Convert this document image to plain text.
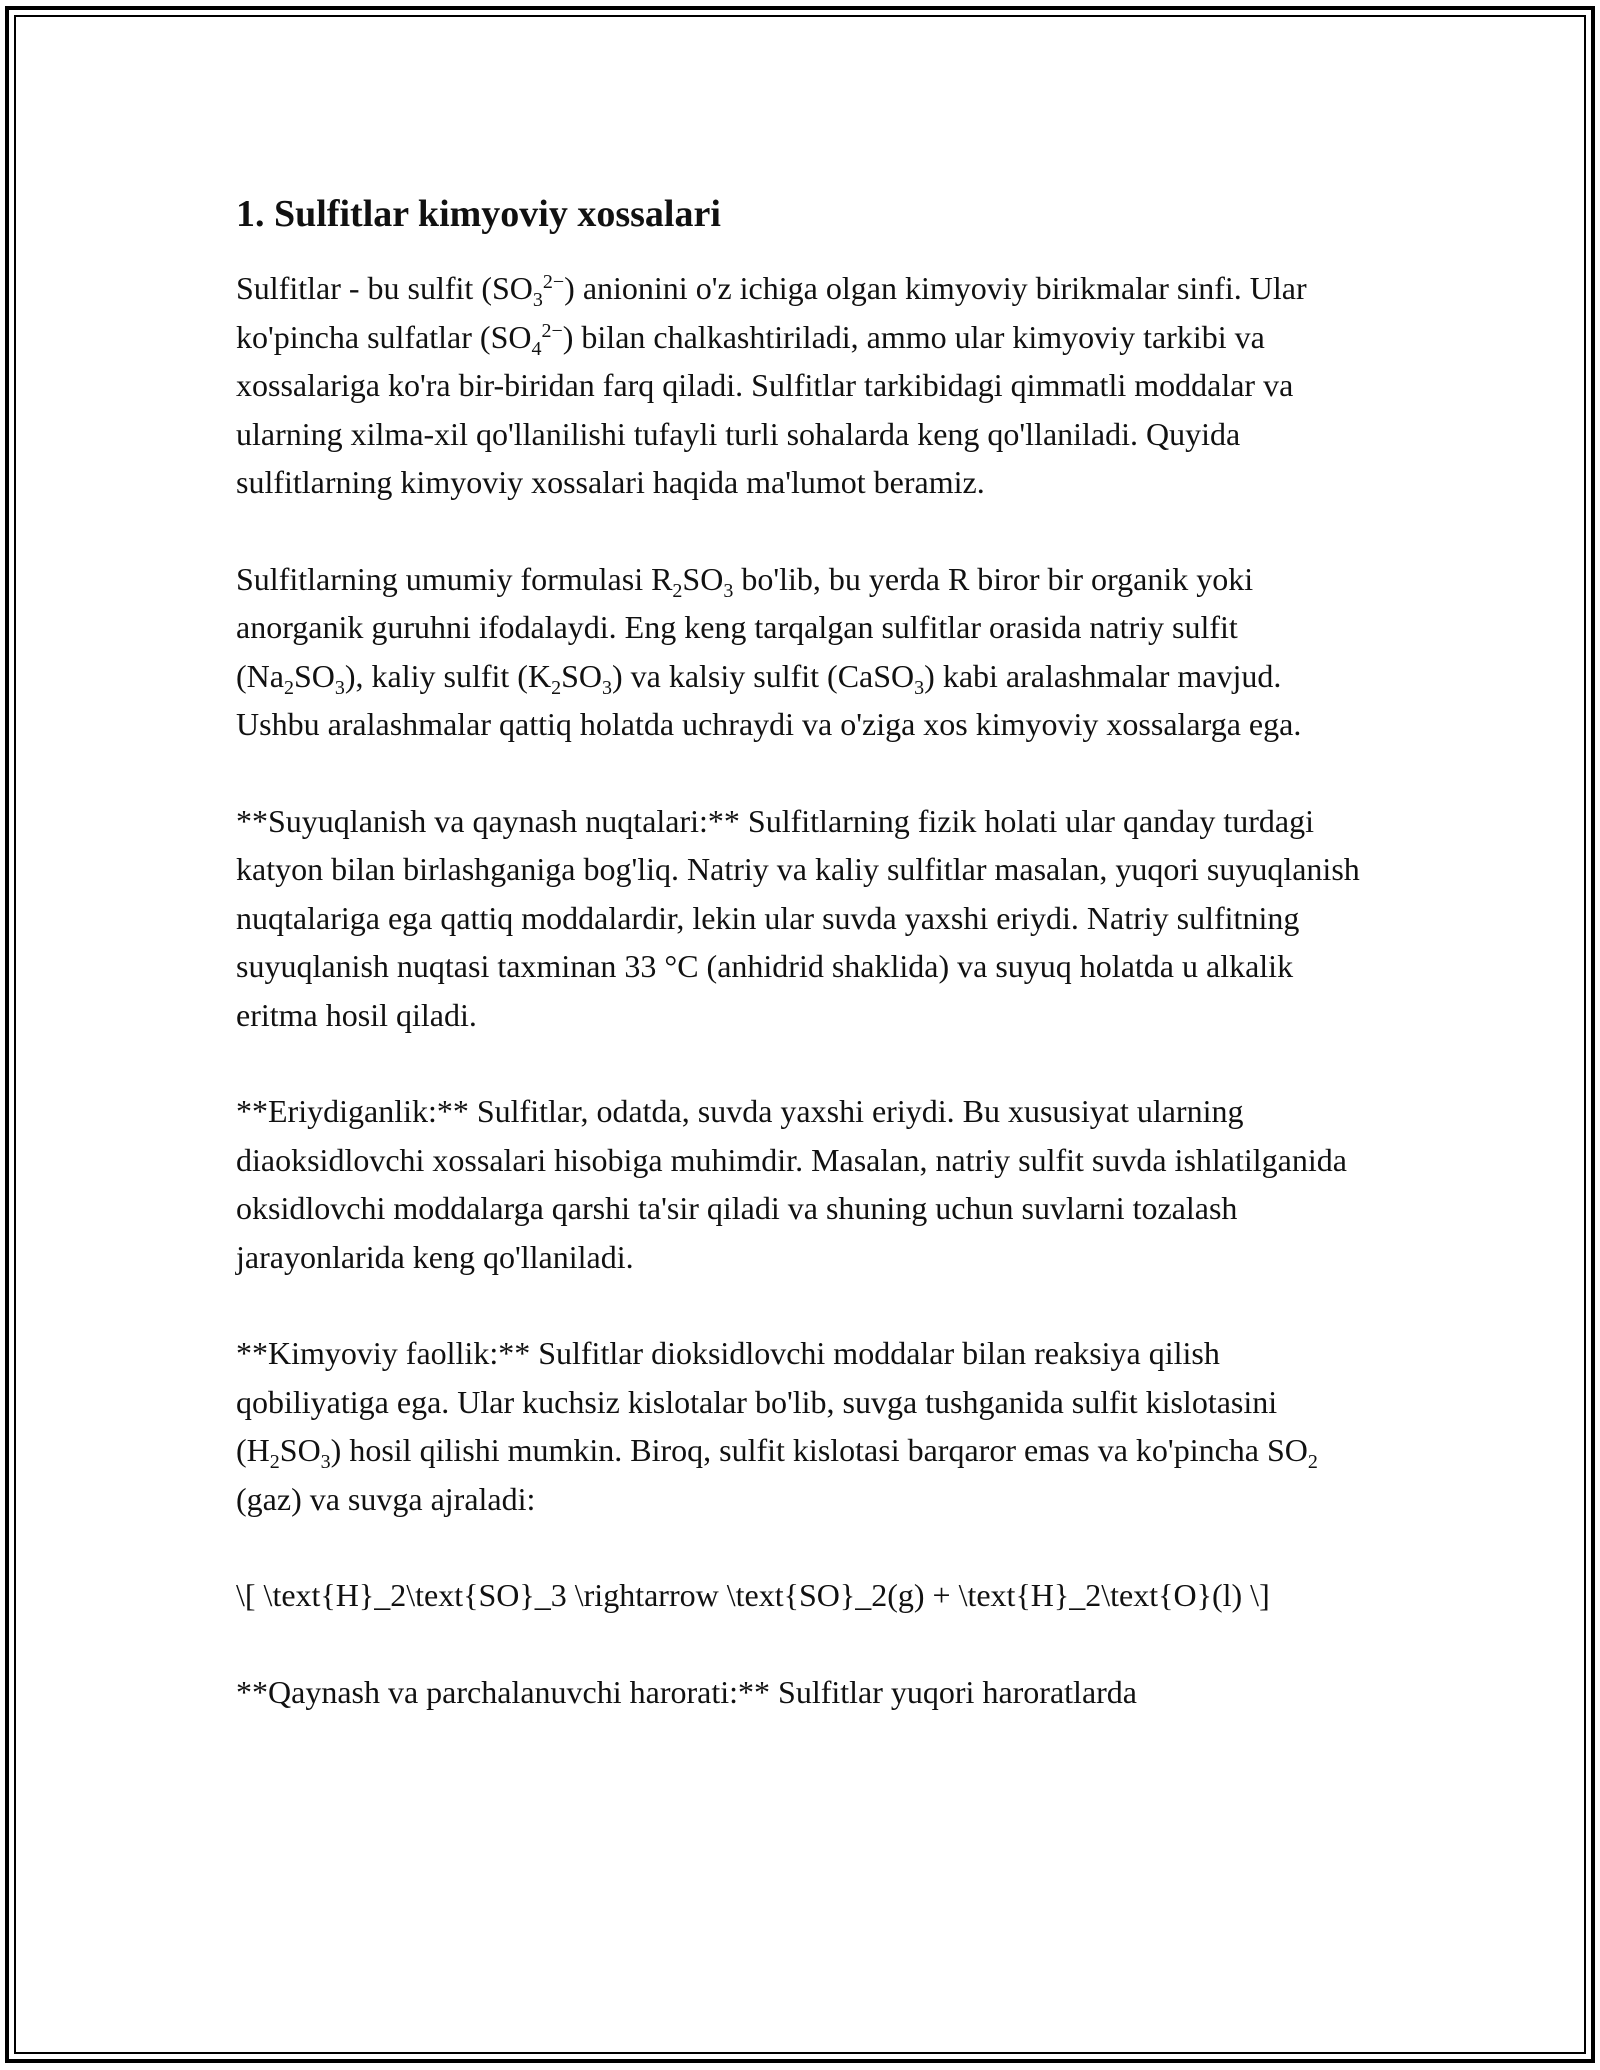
1. Sulfitlar kimyoviy xossalari

Sulfitlar - bu sulfit $(SO_3^{2-})$ anionini o'z ichiga olgan kimyoviy birikmalar sinfi. Ular ko'pincha sulfatlar $(SO_4^{2-})$ bilan chalkashtiriladi, ammo ular kimyoviy tarkibi va xossalariga ko'ra bir-biridan farq qiladi. Sulfitlar tarkibidagi qimmatli moddalar va ularning xilma-xil qo'llanilishi tufayli turli sohalarda keng qo'llaniladi. Quyida sulfitlarning kimyoviy xossalari haqida ma'lumot beramiz.

Sulfitlarning umumiy formulasi $R_2SO_3$ bo'lib, bu yerda R biror bir organik yoki anorganik guruhni ifodalaydi. Eng keng tarqalgan sulfitlar orasida natriy sulfit $(Na_2SO_3)$, kaliy sulfit $(K_2SO_3)$ va kalsiy sulfit (CaSO$_3$) kabi aralashmalar mavjud. Ushbu aralashmalar qattiq holatda uchraydi va o'ziga xos kimyoviy xossalarga ega.

**Suyuqlanish va qaynash nuqtalari:** Sulfitlarning fizik holati ular qanday turdagi katyon bilan birlashganiga bog'liq. Natriy va kaliy sulfitlar masalan, yuqori suyuqlanish nuqtalariga ega qattiq moddalardir, lekin ular suvda yaxshi eriydi. Natriy sulfitning suyuqlanish nuqtasi taxminan 33 °C (anhidrid shaklida) va suyuq holatda u alkalik eritma hosil qiladi.

**Eriydiganlik:** Sulfitlar, odatda, suvda yaxshi eriydi. Bu xususiyat ularning diaoksidlovchi xossalari hisobiga muhimdir. Masalan, natriy sulfit suvda ishlatilganida oksidlovchi moddalarga qarshi ta'sir qiladi va shuning uchun suvlarni tozalash jarayonlarida keng qo'llaniladi.

**Kimyoviy faollik:** Sulfitlar dioksidlovchi moddalar bilan reaksiya qilish qobiliyatiga ega. Ular kuchsiz kislotalar bo'lib, suvga tushganida sulfit kislotasini $(H_2SO_3)$ hosil qilishi mumkin. Biroq, sulfit kislotasi barqaror emas va ko'pincha $SO_2$ (gaz) va suvga ajraladi:

\[ \text{H}_2\text{SO}_3 \rightarrow \text{SO}_2(g) + \text{H}_2\text{O}(l) \]

**Qaynash va parchalanuvchi harorati:** Sulfitlar yuqori haroratlarda
